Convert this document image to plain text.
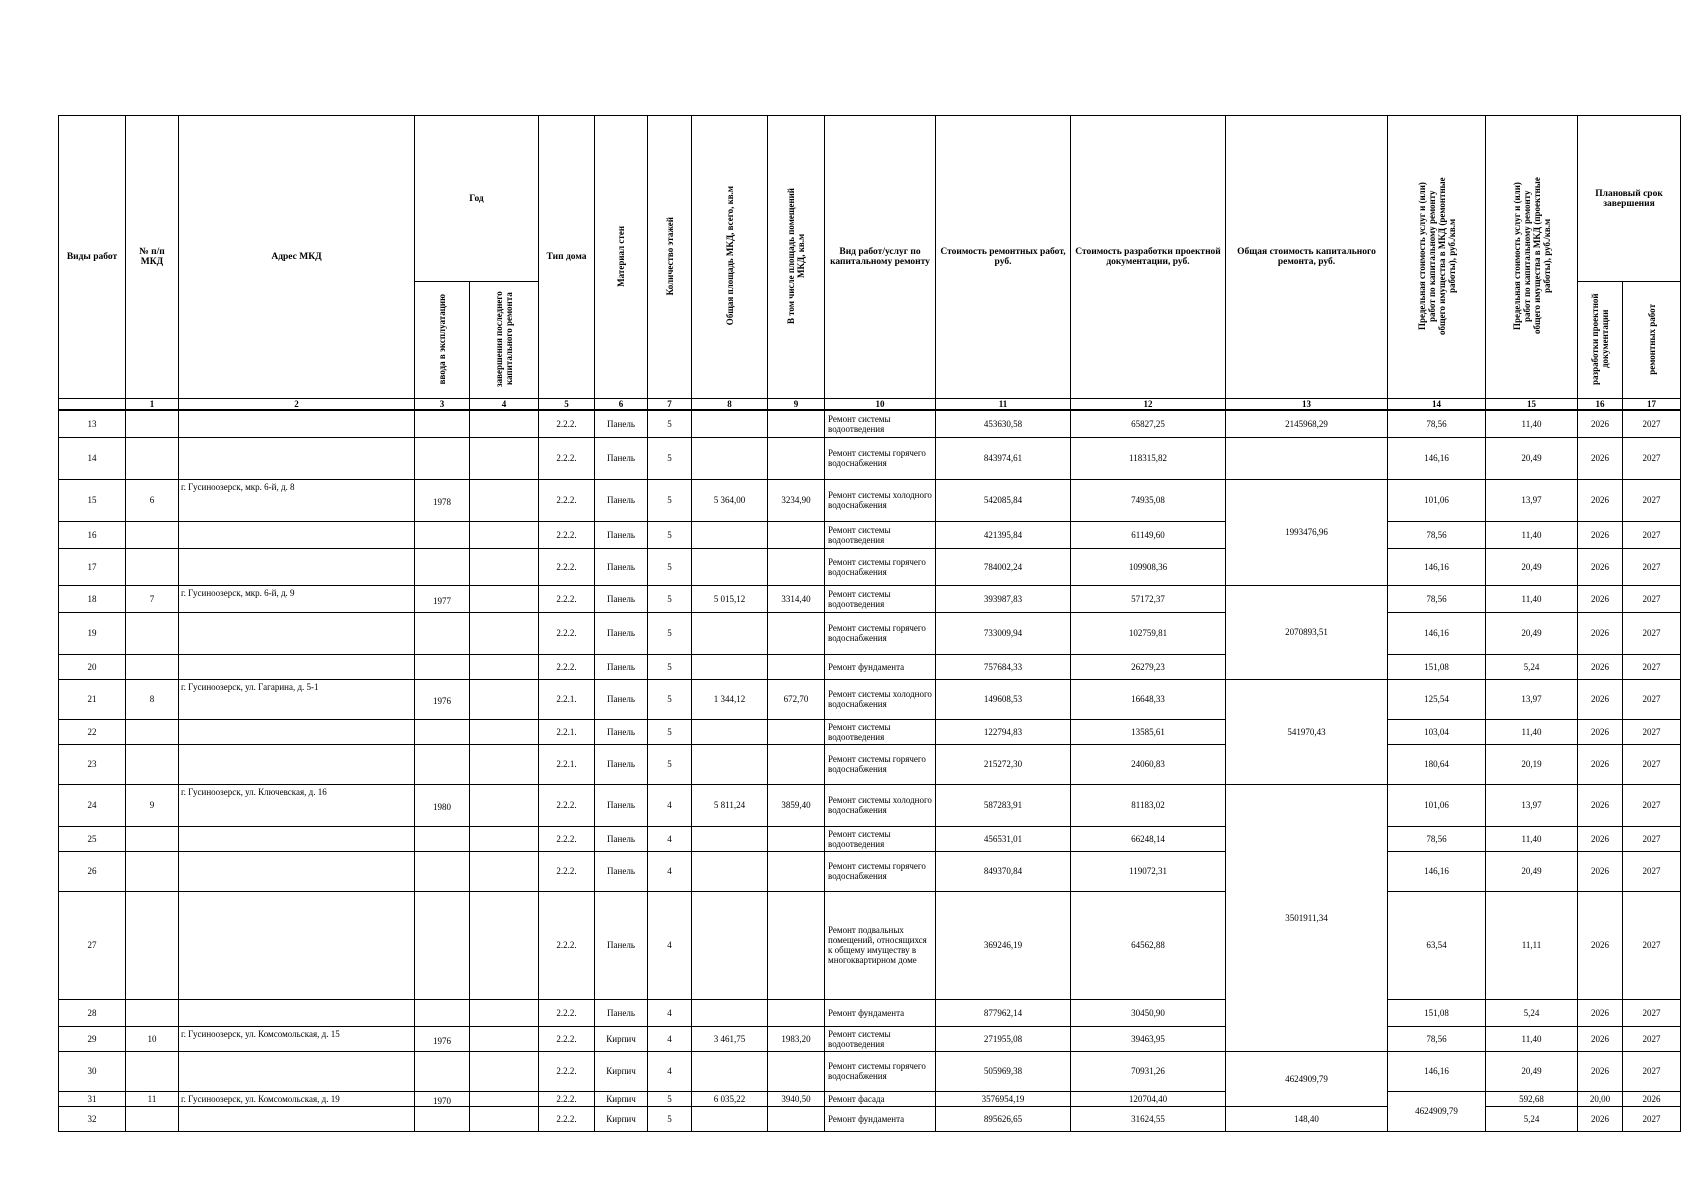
Виды работ	№ п/п МКД	Адрес МКД	Год		Тип дома	Материал стен	Количество этажей	Общая площадь МКД, всего, кв.м	В том числе площадь помещений МКД, кв.м	Вид работ/услуг по капитальному ремонту	Стоимость ремонтных работ, руб.	Стоимость разработки проектной документации, руб.	Общая стоимость капитального ремонта, руб.	Предельная стоимость услуг и (или) работ по капитальному ремонту общего имущества в МКД (ремонтные работы), руб./кв.м	Предельная стоимость услуг и (или) работ по капитальному ремонту общего имущества в МКД (проектные работы), руб./кв.м	Плановый срок завершения		
			ввода в эксплуатацию	завершения последнего капитального ремонта												разработки проектной документации	ремонтных работ	
	1	2	3	4	5	6	7	8	9	10	11	12	13	14	15	16	17	
13					2.2.2.	Панель	5			Ремонт системы водоотведения	453630,58	65827,25	2145968,29	78,56	11,40	2026	2027	
14					2.2.2.	Панель	5			Ремонт системы горячего водоснабжения	843974,61	118315,82		146,16	20,49	2026	2027	
15	6	г. Гусиноозерск, мкр. 6-й, д. 8	1978		2.2.2.	Панель	5	5 364,00	3234,90	Ремонт системы холодного водоснабжения	542085,84	74935,08	1993476,96	101,06	13,97	2026	2027	
16					2.2.2.	Панель	5			Ремонт системы водоотведения	421395,84	61149,60		78,56	11,40	2026	2027	
17					2.2.2.	Панель	5			Ремонт системы горячего водоснабжения	784002,24	109908,36		146,16	20,49	2026	2027	
18	7	г. Гусиноозерск, мкр. 6-й, д. 9	1977		2.2.2.	Панель	5	5 015,12	3314,40	Ремонт системы водоотведения	393987,83	57172,37	2070893,51	78,56	11,40	2026	2027	
19					2.2.2.	Панель	5			Ремонт системы горячего водоснабжения	733009,94	102759,81		146,16	20,49	2026	2027	
20					2.2.2.	Панель	5			Ремонт фундамента	757684,33	26279,23		151,08	5,24	2026	2027	
21	8	г. Гусиноозерск, ул. Гагарина, д. 5-1	1976		2.2.1.	Панель	5	1 344,12	672,70	Ремонт системы холодного водоснабжения	149608,53	16648,33	541970,43	125,54	13,97	2026	2027	
22					2.2.1.	Панель	5			Ремонт системы водоотведения	122794,83	13585,61		103,04	11,40	2026	2027	
23					2.2.1.	Панель	5			Ремонт системы горячего водоснабжения	215272,30	24060,83		180,64	20,19	2026	2027	
24	9	г. Гусиноозерск, ул. Ключевская, д. 16	1980		2.2.2.	Панель	4	5 811,24	3859,40	Ремонт системы холодного водоснабжения	587283,91	81183,02	3501911,34	101,06	13,97	2026	2027	
25					2.2.2.	Панель	4			Ремонт системы водоотведения	456531,01	66248,14		78,56	11,40	2026	2027	
26					2.2.2.	Панель	4			Ремонт системы горячего водоснабжения	849370,84	119072,31		146,16	20,49	2026	2027	
27					2.2.2.	Панель	4			Ремонт подвальных помещений, относящихся к общему имуществу в многоквартирном доме	369246,19	64562,88		63,54	11,11	2026	2027	
28					2.2.2.	Панель	4			Ремонт фундамента	877962,14	30450,90		151,08	5,24	2026	2027	
29	10	г. Гусиноозерск, ул. Комсомольская, д. 15	1976		2.2.2.	Кирпич	4	3 461,75	1983,20	Ремонт системы водоотведения	271955,08	39463,95		78,56	11,40	2026	2027	
30					2.2.2.	Кирпич	4			Ремонт системы горячего водоснабжения	505969,38	70931,26	4624909,79	146,16	20,49	2026	2027	
31	11	г. Гусиноозерск, ул. Комсомольская, д. 19	1970		2.2.2.	Кирпич	5	6 035,22	3940,50	Ремонт фасада	3576954,19	120704,40		4624909,79	592,68	20,00	2026	
32					2.2.2.	Кирпич	5			Ремонт фундамента	895626,65	31624,55	148,40		5,24	2026	2027	
